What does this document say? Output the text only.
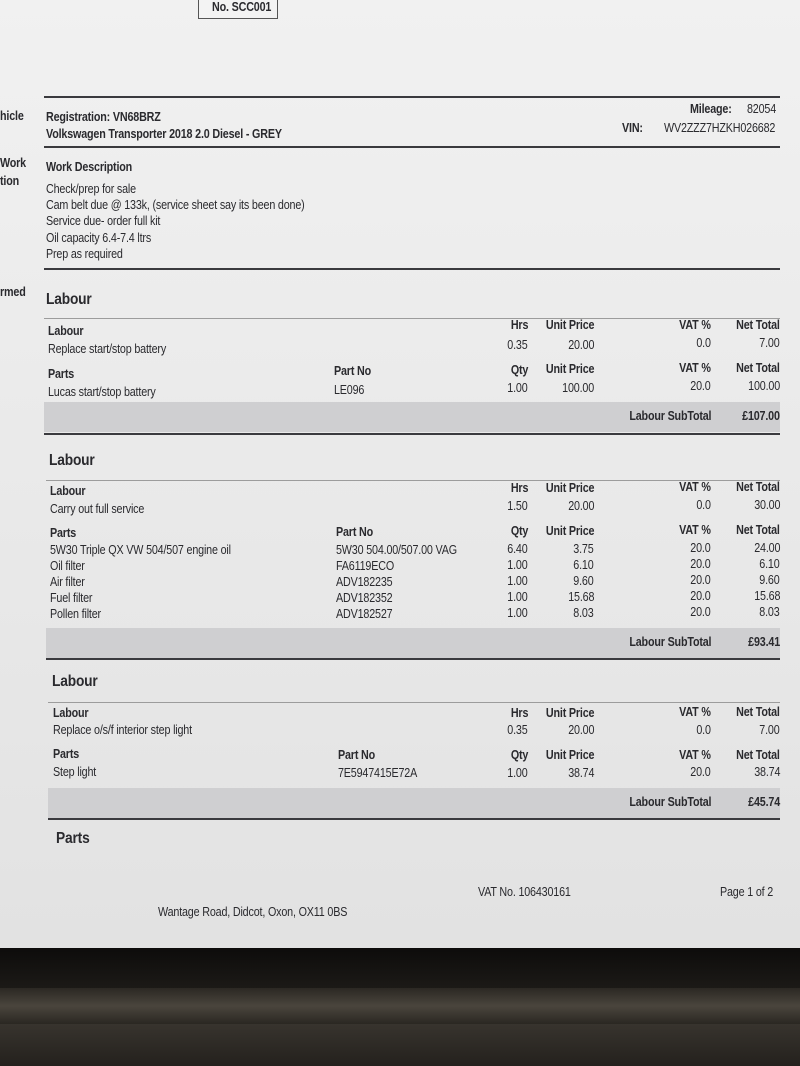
No. SCC001
hicle
Work
tion
rmed
Registration: VN68BRZ
Volkswagen Transporter 2018 2.0 Diesel - GREY
Mileage: 82054
VIN: WV2ZZZ7HZKH026682
Work Description
Check/prep for sale
Cam belt due @ 133k, (service sheet say its been done)
Service due- order full kit
Oil capacity 6.4-7.4 ltrs
Prep as required
Labour
Labour	Hrs Unit Price	VAT % Net Total
Replace start/stop battery	0.35	20.00	0.0	7.00
Parts	Part No	Qty Unit Price	VAT % Net Total
Lucas start/stop battery	LE096	1.00	100.00	20.0	100.00
Labour SubTotal	£107.00
Labour
Labour	Hrs Unit Price	VAT % Net Total
Carry out full service	1.50	20.00	0.0	30.00
Parts	Part No	Qty Unit Price	VAT % Net Total
5W30 Triple QX VW 504/507 engine oil	5W30 504.00/507.00 VAG	6.40	3.75	20.0	24.00
Oil filter	FA6119ECO	1.00	6.10	20.0	6.10
Air filter	ADV182235	1.00	9.60	20.0	9.60
Fuel filter	ADV182352	1.00	15.68	20.0	15.68
Pollen filter	ADV182527	1.00	8.03	20.0	8.03
Labour SubTotal	£93.41
Labour
Labour	Hrs Unit Price	VAT % Net Total
Replace o/s/f interior step light	0.35	20.00	0.0	7.00
Parts	Part No	Qty Unit Price	VAT % Net Total
Step light	7E5947415E72A	1.00	38.74	20.0	38.74
Labour SubTotal	£45.74
Parts
VAT No. 106430161	Page 1 of 2
Wantage Road, Didcot, Oxon, OX11 0BS
